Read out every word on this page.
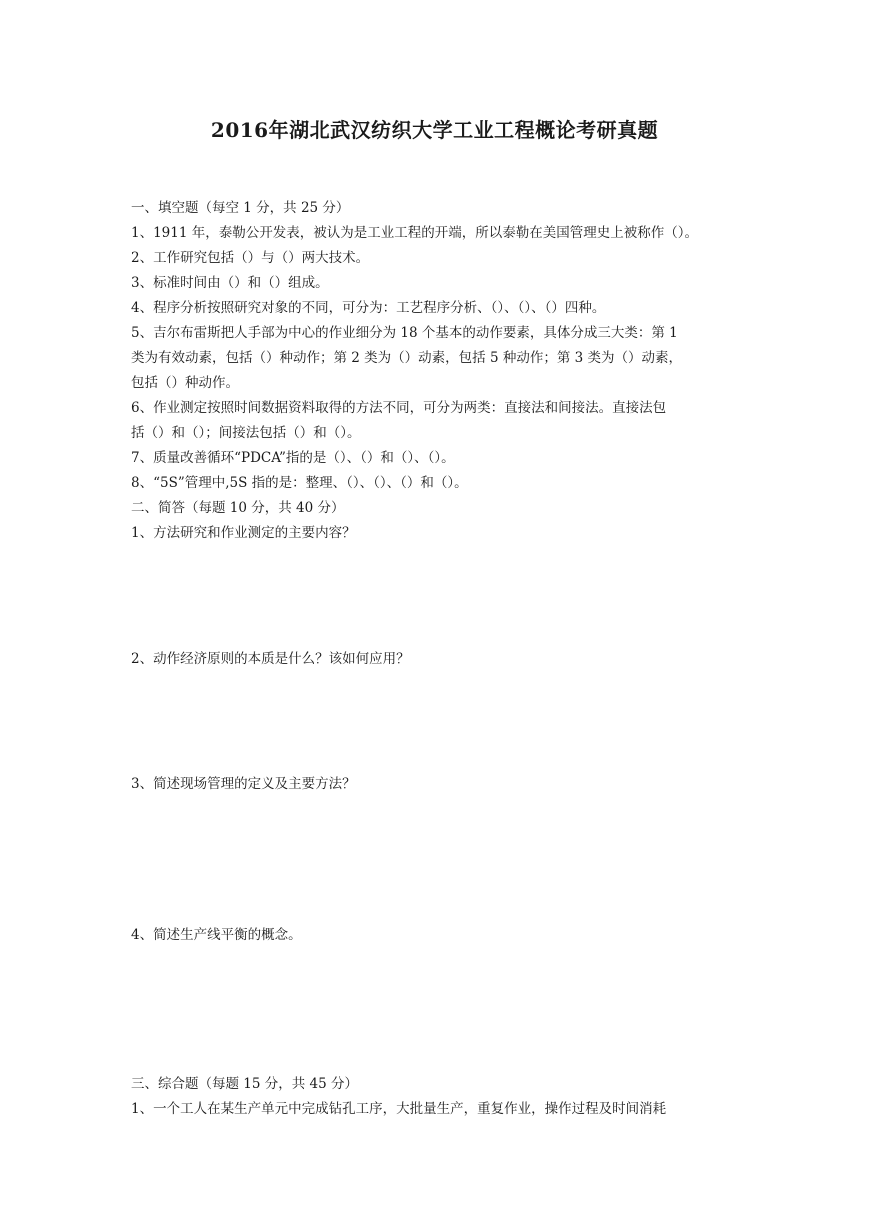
2016年湖北武汉纺织大学工业工程概论考研真题
一、填空题（每空 1 分，共 25 分）
1、1911 年，泰勒公开发表，被认为是工业工程的开端，所以泰勒在美国管理史上被称作（）。
2、工作研究包括（）与（）两大技术。
3、标准时间由（）和（）组成。
4、程序分析按照研究对象的不同，可分为：工艺程序分析、（）、（）、（）四种。
5、吉尔布雷斯把人手部为中心的作业细分为 18 个基本的动作要素，具体分成三大类：第 1
类为有效动素，包括（）种动作；第 2 类为（）动素，包括 5 种动作；第 3 类为（）动素，
包括（）种动作。
6、作业测定按照时间数据资料取得的方法不同，可分为两类：直接法和间接法。直接法包
括（）和（）；间接法包括（）和（）。
7、质量改善循环“PDCA”指的是（）、（）和（）、（）。
8、“5S”管理中,5S 指的是：整理、（）、（）、（）和（）。
二、简答（每题 10 分，共 40 分）
1、方法研究和作业测定的主要内容？
2、动作经济原则的本质是什么？该如何应用？
3、简述现场管理的定义及主要方法？
4、简述生产线平衡的概念。
三、综合题（每题 15 分，共 45 分）
1、一个工人在某生产单元中完成钻孔工序，大批量生产，重复作业，操作过程及时间消耗
